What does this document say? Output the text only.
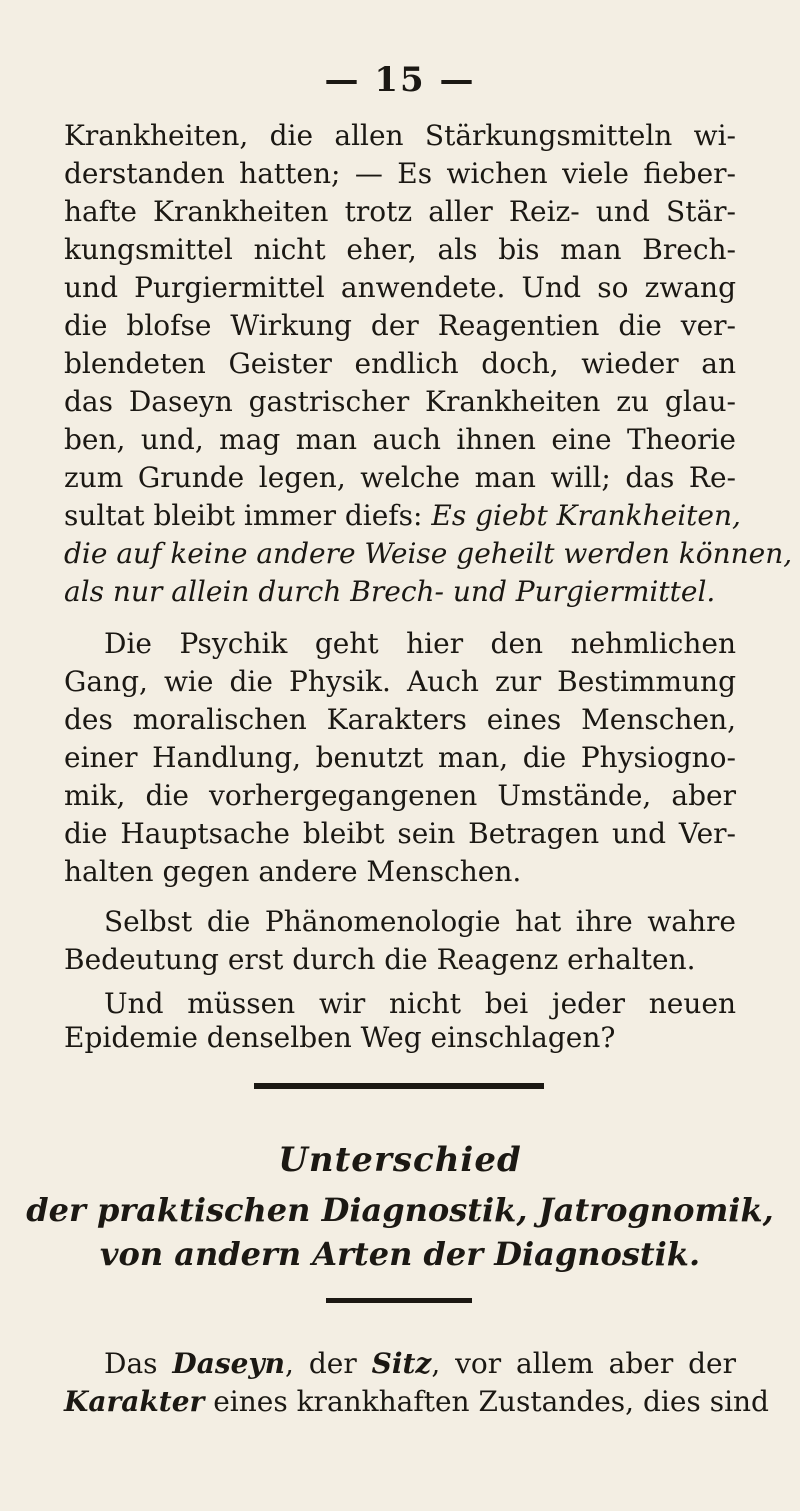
— 15 —
Krankheiten, die allen Stärkungsmitteln wi-
derstanden hatten; — Es wichen viele fieber-
hafte Krankheiten trotz aller Reiz- und Stär-
kungsmittel nicht eher, als bis man Brech-
und Purgiermittel anwendete. Und so zwang
die blofse Wirkung der Reagentien die ver-
blendeten Geister endlich doch, wieder an
das Daseyn gastrischer Krankheiten zu glau-
ben, und, mag man auch ihnen eine Theorie
zum Grunde legen, welche man will; das Re-
sultat bleibt immer diefs: Es giebt Krankheiten,
die auf keine andere Weise geheilt werden können,
als nur allein durch Brech- und Purgiermittel.
Die Psychik geht hier den nehmlichen
Gang, wie die Physik. Auch zur Bestimmung
des moralischen Karakters eines Menschen,
einer Handlung, benutzt man, die Physiogno-
mik, die vorhergegangenen Umstände, aber
die Hauptsache bleibt sein Betragen und Ver-
halten gegen andere Menschen.
Selbst die Phänomenologie hat ihre wahre
Bedeutung erst durch die Reagenz erhalten.
Und müssen wir nicht bei jeder neuen
Epidemie denselben Weg einschlagen?
Unterschied
der praktischen Diagnostik, Jatrognomik,
von andern Arten der Diagnostik.
Das Daseyn, der Sitz, vor allem aber der
Karakter eines krankhaften Zustandes, dies sind
